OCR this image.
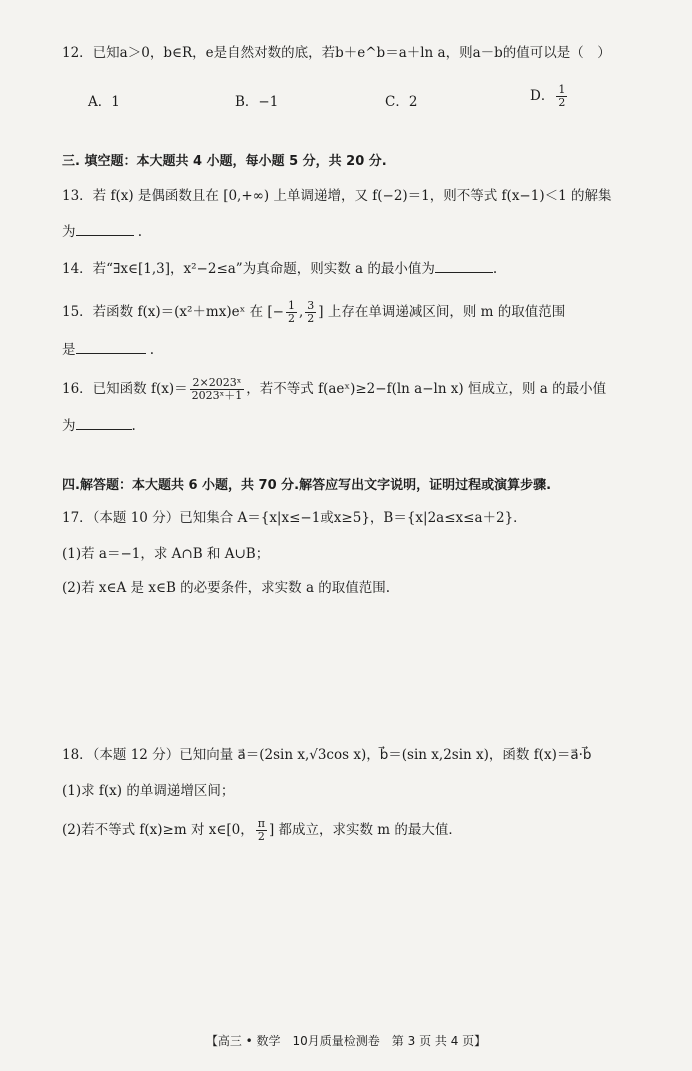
12．已知a＞0，b∈R，e是自然对数的底，若b＋e^b＝a＋ln a，则a－b的值可以是（　）
A．1	B．−1	C．2	D． $\frac{1}{2}$
三. 填空题：本大题共 4 小题，每小题 5 分，共 20 分.
13．若 f(x) 是偶函数且在 [0,+∞) 上单调递增，又 f(−2)＝1，则不等式 f(x−1)＜1 的解集
为	.
14．若“∃x∈[1,3]，x²−2≤a”为真命题，则实数 a 的最小值为	.
15．若函数 f(x)＝(x²＋mx)eˣ 在 [− $\frac{1}{2}$ , $\frac{3}{2}$ ] 上存在单调递减区间，则 m 的取值范围
是	.
16．已知函数 $f(x)= \frac{\text{2×2023ˣ}}{\text{2023ˣ＋1}}$ ，若不等式 f(aeˣ)≥2−f(ln a−ln x) 恒成立，则 a 的最小值
为	.
四.解答题：本大题共 6 小题，共 70 分.解答应写出文字说明，证明过程或演算步骤.
17．（本题 10 分）已知集合 A＝{x|x≤−1或x≥5}，B＝{x|2a≤x≤a＋2}．
(1)若 a＝−1，求 A∩B 和 A∪B；
(2)若 x∈A 是 x∈B 的必要条件，求实数 a 的取值范围.
18．（本题 12 分）已知向量 a⃗＝(2sin x,√3cos x)，b⃗＝(sin x,2sin x)，函数 f(x)＝a⃗·b⃗
(1)求 f(x) 的单调递增区间；
(2)若不等式 f(x)≥m 对 x∈[0， $\frac{\pi}{2}$ ] 都成立，求实数 m 的最大值．
【高三 • 数学　10月质量检测卷　第 3 页 共 4 页】
